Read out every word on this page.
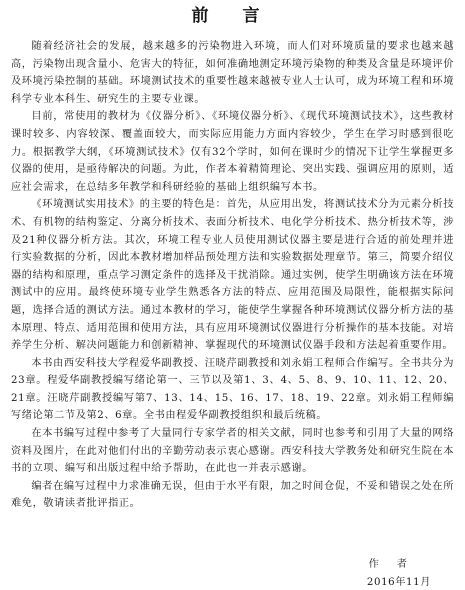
前 言

随着经济社会的发展，越来越多的污染物进入环境，而人们对环境质量的要求也越来越高，污染物出现含量小、危害大的特征，如何准确地测定环境污染物的种类及含量是环境评价及环境污染控制的基础。环境测试技术的重要性越来越被专业人士认可，成为环境工程和环境科学专业本科生、研究生的主要专业课。

目前，常使用的教材为《仪器分析》、《环境仪器分析》、《现代环境测试技术》，这些教材课时较多、内容较深、覆盖面较大，而实际应用能力方面内容较少，学生在学习时感到很吃力。根据教学大纲，《环境测试技术》仅有32个学时，如何在课时少的情况下让学生掌握更多仪器的使用，是亟待解决的问题。为此，作者本着精简理论、突出实践、强调应用的原则，适应社会需求，在总结多年教学和科研经验的基础上组织编写本书。

《环境测试实用技术》的主要的特色是：首先，从应用出发，将测试技术分为元素分析技术、有机物的结构鉴定、分离分析技术、表面分析技术、电化学分析技术、热分析技术等，涉及21种仪器分析方法。其次，环境工程专业人员使用测试仪器主要是进行合适的前处理并进行实验数据的分析，因此本教材增加样品预处理方法和实验数据处理章节。第三，简要介绍仪器的结构和原理，重点学习测定条件的选择及干扰消除。通过实例，使学生明确该方法在环境测试中的应用。最终使环境专业学生熟悉各方法的特点、应用范围及局限性，能根据实际问题，选择合适的测试方法。通过本教材的学习，能使学生掌握各种环境测试仪器分析方法的基本原理、特点、适用范围和使用方法，具有应用环境测试仪器进行分析操作的基本技能。对培养学生分析、解决问题能力和创新精神、掌握现代的环境测试仪器手段和方法起着重要作用。

本书由西安科技大学程爱华副教授、汪晓芹副教授和刘永娟工程师合作编写。全书共分为23章。程爱华副教授编写绪论第一、三节以及第1、3、4、5、8、9、10、11、12、20、21章。汪晓芹副教授编写第7、13、14、15、16、17、18、19、22章。刘永娟工程师编写绪论第二节及第2、6章。全书由程爱华副教授组织和最后统稿。

在本书编写过程中参考了大量同行专家学者的相关文献，同时也参考和引用了大量的网络资料及图片，在此对他们付出的辛勤劳动表示衷心感谢。西安科技大学教务处和研究生院在本书的立项、编写和出版过程中给予帮助，在此也一并表示感谢。

编者在编写过程中力求准确无误，但由于水平有限，加之时间仓促，不妥和错误之处在所难免，敬请读者批评指正。

作者
2016年11月
